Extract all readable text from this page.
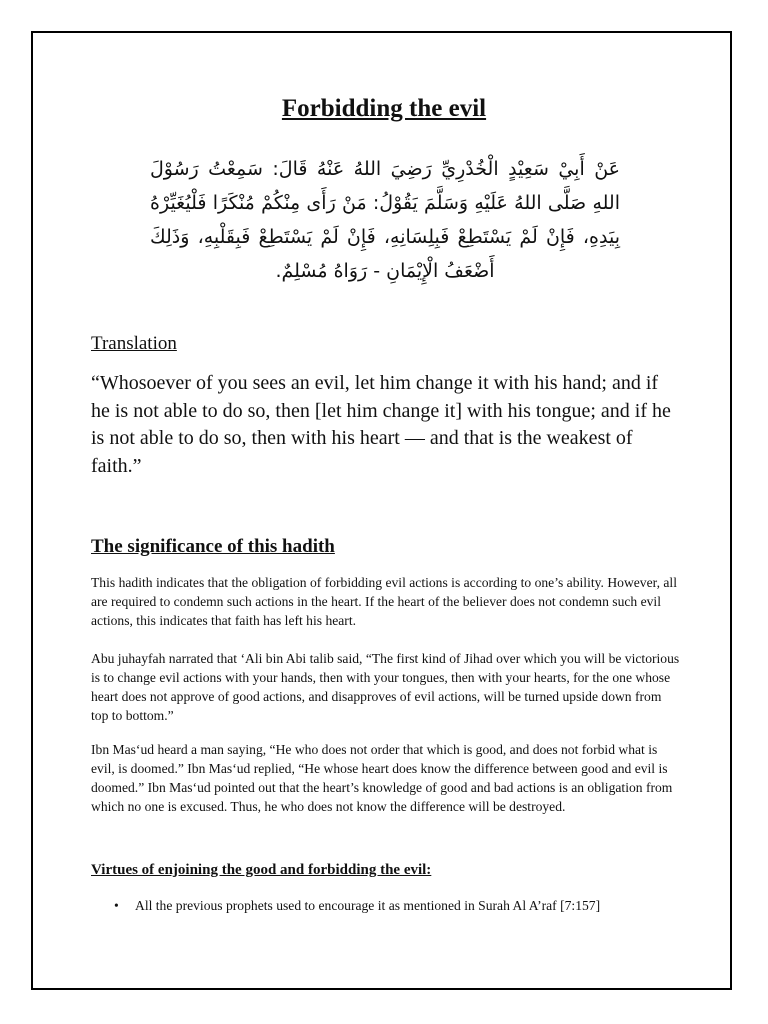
Forbidding the evil
عَنْ أَبِيْ سَعِيْدٍ الْخُدْرِيِّ رَضِيَ اللهُ عَنْهُ قَالَ: سَمِعْتُ رَسُوْلَ اللهِ صَلَّى اللهُ عَلَيْهِ وَسَلَّمَ يَقُوْلُ: مَنْ رَأَى مِنْكُمْ مُنْكَرًا فَلْيُغَيِّرْهُ بِيَدِهِ، فَإِنْ لَمْ يَسْتَطِعْ فَبِلِسَانِهِ، فَإِنْ لَمْ يَسْتَطِعْ فَبِقَلْبِهِ، وَذَلِكَ أَضْعَفُ الْإِيْمَانِ - رَوَاهُ مُسْلِمٌ.
Translation
“Whosoever of you sees an evil, let him change it with his hand; and if he is not able to do so, then [let him change it] with his tongue; and if he is not able to do so, then with his heart — and that is the weakest of faith.”
The significance of this hadith

This hadith indicates that the obligation of forbidding evil actions is according to one’s ability. However, all are required to condemn such actions in the heart. If the heart of the believer does not condemn such evil actions, this indicates that faith has left his heart.

Abu juhayfah narrated that ‘Ali bin Abi talib said, “The first kind of Jihad over which you will be victorious is to change evil actions with your hands, then with your tongues, then with your hearts, for the one whose heart does not approve of good actions, and disapproves of evil actions, will be turned upside down from top to bottom.”

Ibn Mas‘ud heard a man saying, “He who does not order that which is good, and does not forbid what is evil, is doomed.” Ibn Mas‘ud replied, “He whose heart does know the difference between good and evil is doomed.” Ibn Mas‘ud pointed out that the heart’s knowledge of good and bad actions is an obligation from which no one is excused. Thus, he who does not know the difference will be destroyed.

Virtues of enjoining the good and forbidding the evil:
• All the previous prophets used to encourage it as mentioned in Surah Al A’raf [7:157]
